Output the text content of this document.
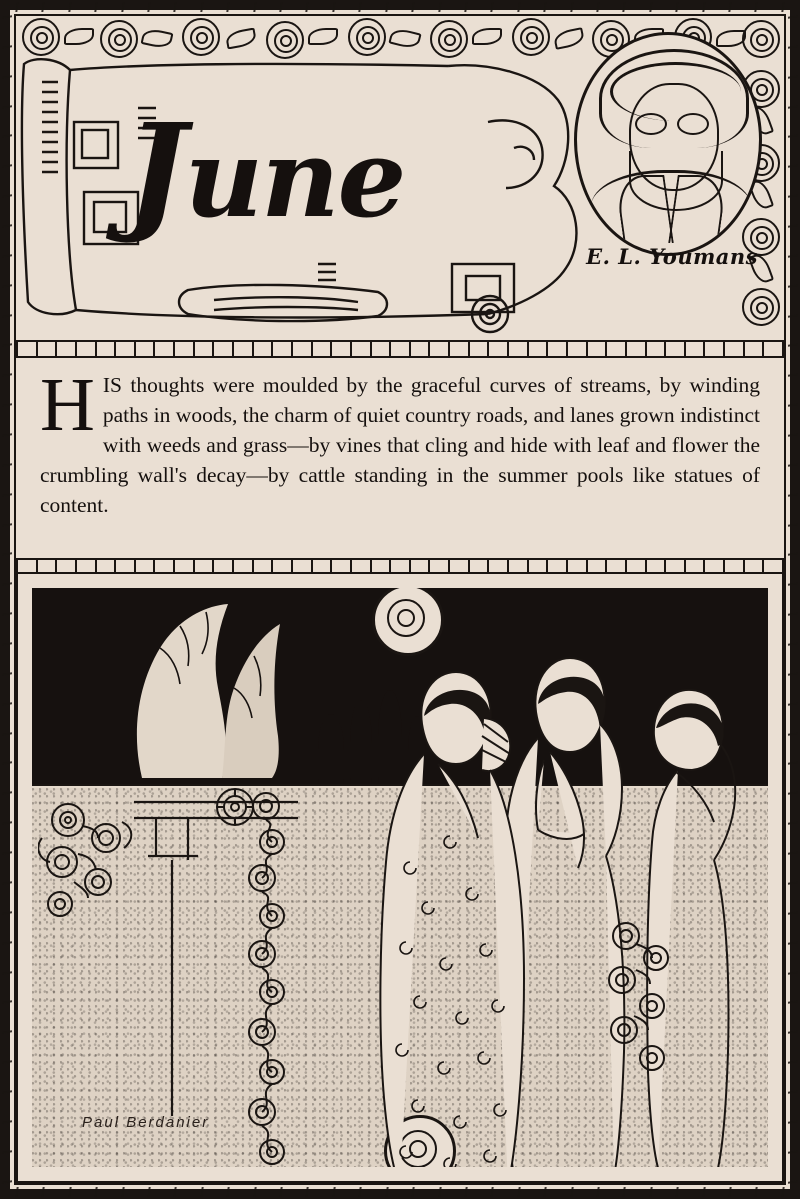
June
E. L. Youmans
H IS thoughts were moulded by the graceful curves of streams, by winding paths in woods, the charm of quiet country roads, and lanes grown indistinct with weeds and grass—by vines that cling and hide with leaf and flower the crumbling wall's decay—by cattle standing in the summer pools like statues of content.
Paul Berdanier
